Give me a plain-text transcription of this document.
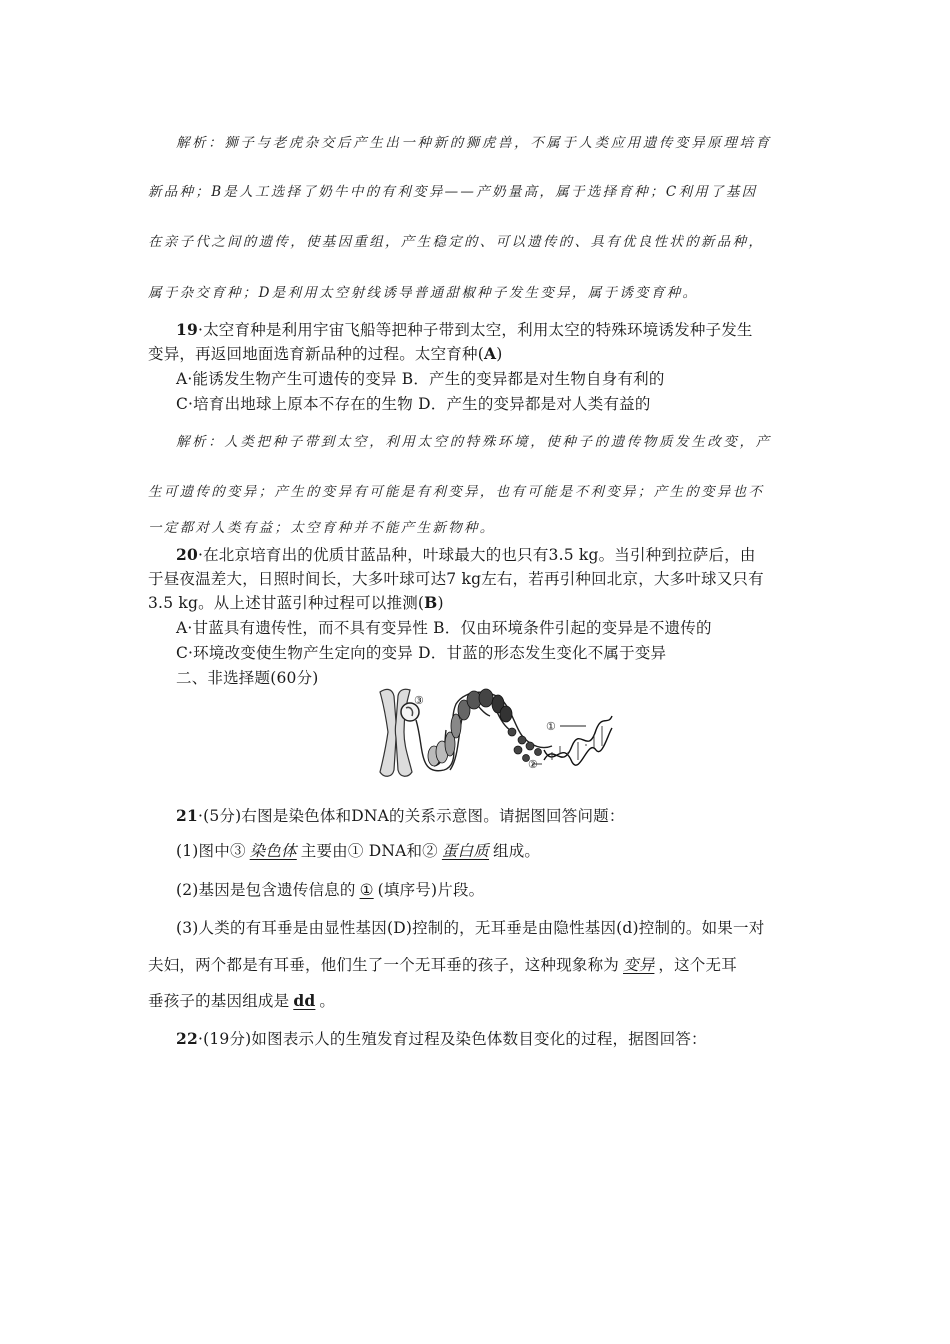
解析：狮子与老虎杂交后产生出一种新的狮虎兽，不属于人类应用遗传变异原理培育
新品种；B是人工选择了奶牛中的有利变异——产奶量高，属于选择育种；C利用了基因
在亲子代之间的遗传，使基因重组，产生稳定的、可以遗传的、具有优良性状的新品种，
属于杂交育种；D是利用太空射线诱导普通甜椒种子发生变异，属于诱变育种。
19·太空育种是利用宇宙飞船等把种子带到太空，利用太空的特殊环境诱发种子发生
变异，再返回地面选育新品种的过程。太空育种(A)
A·能诱发生物产生可遗传的变异 B．产生的变异都是对生物自身有利的
C·培育出地球上原本不存在的生物 D．产生的变异都是对人类有益的
解析：人类把种子带到太空，利用太空的特殊环境，使种子的遗传物质发生改变，产
生可遗传的变异；产生的变异有可能是有利变异，也有可能是不利变异；产生的变异也不
一定都对人类有益；太空育种并不能产生新物种。
20·在北京培育出的优质甘蓝品种，叶球最大的也只有3.5 kg。当引种到拉萨后，由
于昼夜温差大，日照时间长，大多叶球可达7 kg左右，若再引种回北京，大多叶球又只有
3.5 kg。从上述甘蓝引种过程可以推测(B)
A·甘蓝具有遗传性，而不具有变异性 B．仅由环境条件引起的变异是不遗传的
C·环境改变使生物产生定向的变异 D．甘蓝的形态发生变化不属于变异
二、非选择题(60分)
③
①
②
21·(5分)右图是染色体和DNA的关系示意图。请据图回答问题：
(1)图中③ 染色体 主要由① DNA和② 蛋白质 组成。
(2)基因是包含遗传信息的 ① (填序号)片段。
(3)人类的有耳垂是由显性基因(D)控制的，无耳垂是由隐性基因(d)控制的。如果一对
夫妇，两个都是有耳垂，他们生了一个无耳垂的孩子，这种现象称为 变异 ，这个无耳
垂孩子的基因组成是 dd 。
22·(19分)如图表示人的生殖发育过程及染色体数目变化的过程，据图回答：
